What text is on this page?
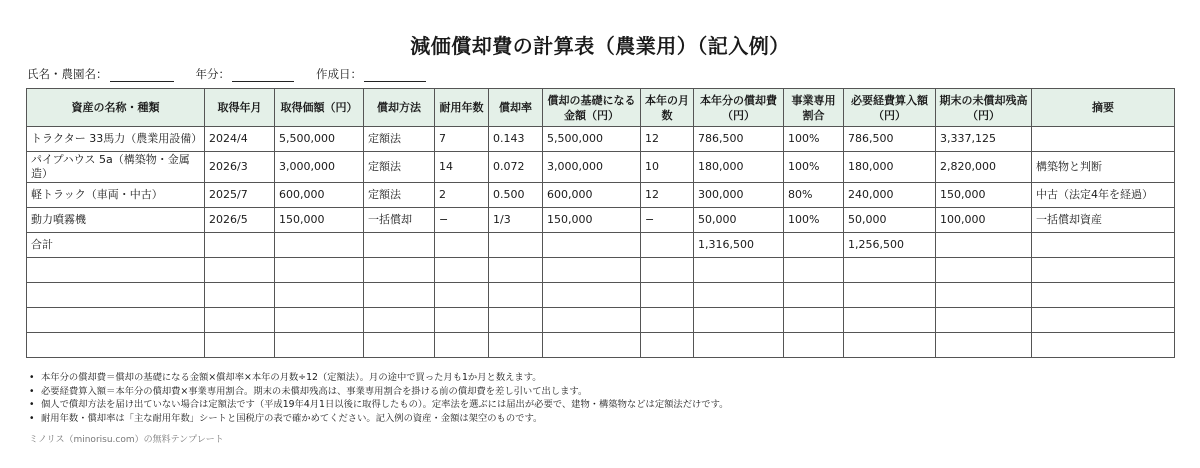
減価償却費の計算表（農業用）（記入例）
氏名・農園名：	年分：	作成日：
資産の名称・種類	取得年月	取得価額（円）	償却方法	耐用年数	償却率	償却の基礎になる金額（円）	本年の月数	本年分の償却費（円）	事業専用割合	必要経費算入額（円）	期末の未償却残高（円）	摘要
トラクター 33馬力（農業用設備）	2024/4	5,500,000	定額法	7	0.143	5,500,000	12	786,500	100%	786,500	3,337,125	
パイプハウス 5a（構築物・金属造）	2026/3	3,000,000	定額法	14	0.072	3,000,000	10	180,000	100%	180,000	2,820,000	構築物と判断
軽トラック（車両・中古）	2025/7	600,000	定額法	2	0.500	600,000	12	300,000	80%	240,000	150,000	中古（法定4年を経過）
動力噴霧機	2026/5	150,000	一括償却	−	1/3	150,000	−	50,000	100%	50,000	100,000	一括償却資産
合計								1,316,500		1,256,500		

• 本年分の償却費＝償却の基礎になる金額×償却率×本年の月数÷12（定額法）。月の途中で買った月も1か月と数えます。
• 必要経費算入額＝本年分の償却費×事業専用割合。期末の未償却残高は、事業専用割合を掛ける前の償却費を差し引いて出します。
• 個人で償却方法を届け出ていない場合は定額法です（平成19年4月1日以後に取得したもの）。定率法を選ぶには届出が必要で、建物・構築物などは定額法だけです。
• 耐用年数・償却率は「主な耐用年数」シートと国税庁の表で確かめてください。記入例の資産・金額は架空のものです。
ミノリス（minorisu.com）の無料テンプレート
